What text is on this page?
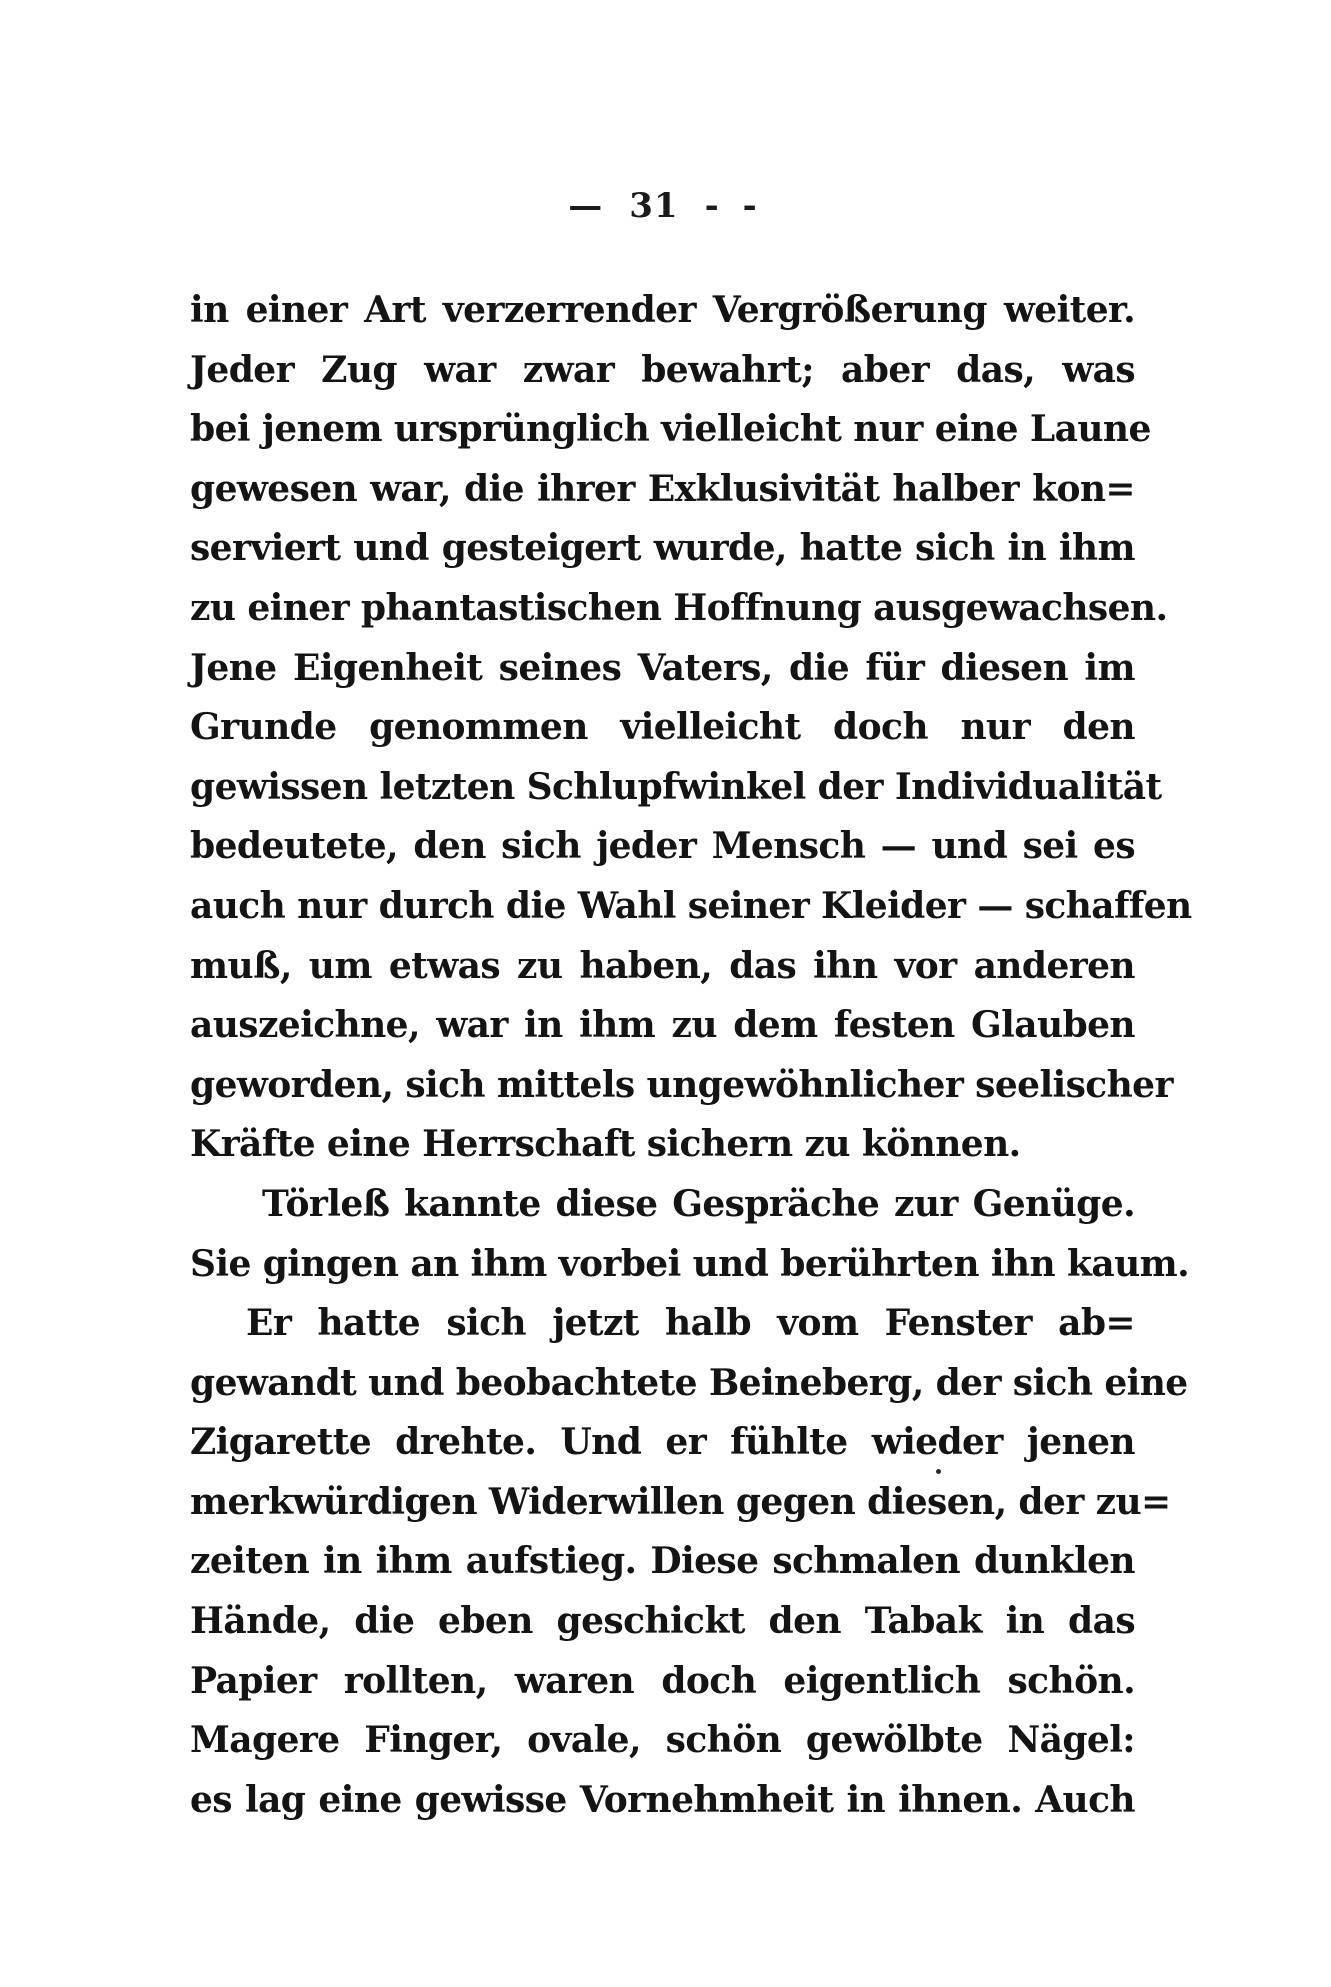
— 31 - -
in einer Art verzerrender Vergrößerung weiter.
Jeder Zug war zwar bewahrt; aber das, was
bei jenem ursprünglich vielleicht nur eine Laune
gewesen war, die ihrer Exklusivität halber kon=
serviert und gesteigert wurde, hatte sich in ihm
zu einer phantastischen Hoffnung ausgewachsen.
Jene Eigenheit seines Vaters, die für diesen im
Grunde genommen vielleicht doch nur den
gewissen letzten Schlupfwinkel der Individualität
bedeutete, den sich jeder Mensch — und sei es
auch nur durch die Wahl seiner Kleider — schaffen
muß, um etwas zu haben, das ihn vor anderen
auszeichne, war in ihm zu dem festen Glauben
geworden, sich mittels ungewöhnlicher seelischer
Kräfte eine Herrschaft sichern zu können.
Törleß kannte diese Gespräche zur Genüge.
Sie gingen an ihm vorbei und berührten ihn kaum.
Er hatte sich jetzt halb vom Fenster ab=
gewandt und beobachtete Beineberg, der sich eine
Zigarette drehte. Und er fühlte wieder jenen
merkwürdigen Widerwillen gegen diesen, der zu=
zeiten in ihm aufstieg. Diese schmalen dunklen
Hände, die eben geschickt den Tabak in das
Papier rollten, waren doch eigentlich schön.
Magere Finger, ovale, schön gewölbte Nägel:
es lag eine gewisse Vornehmheit in ihnen. Auch
